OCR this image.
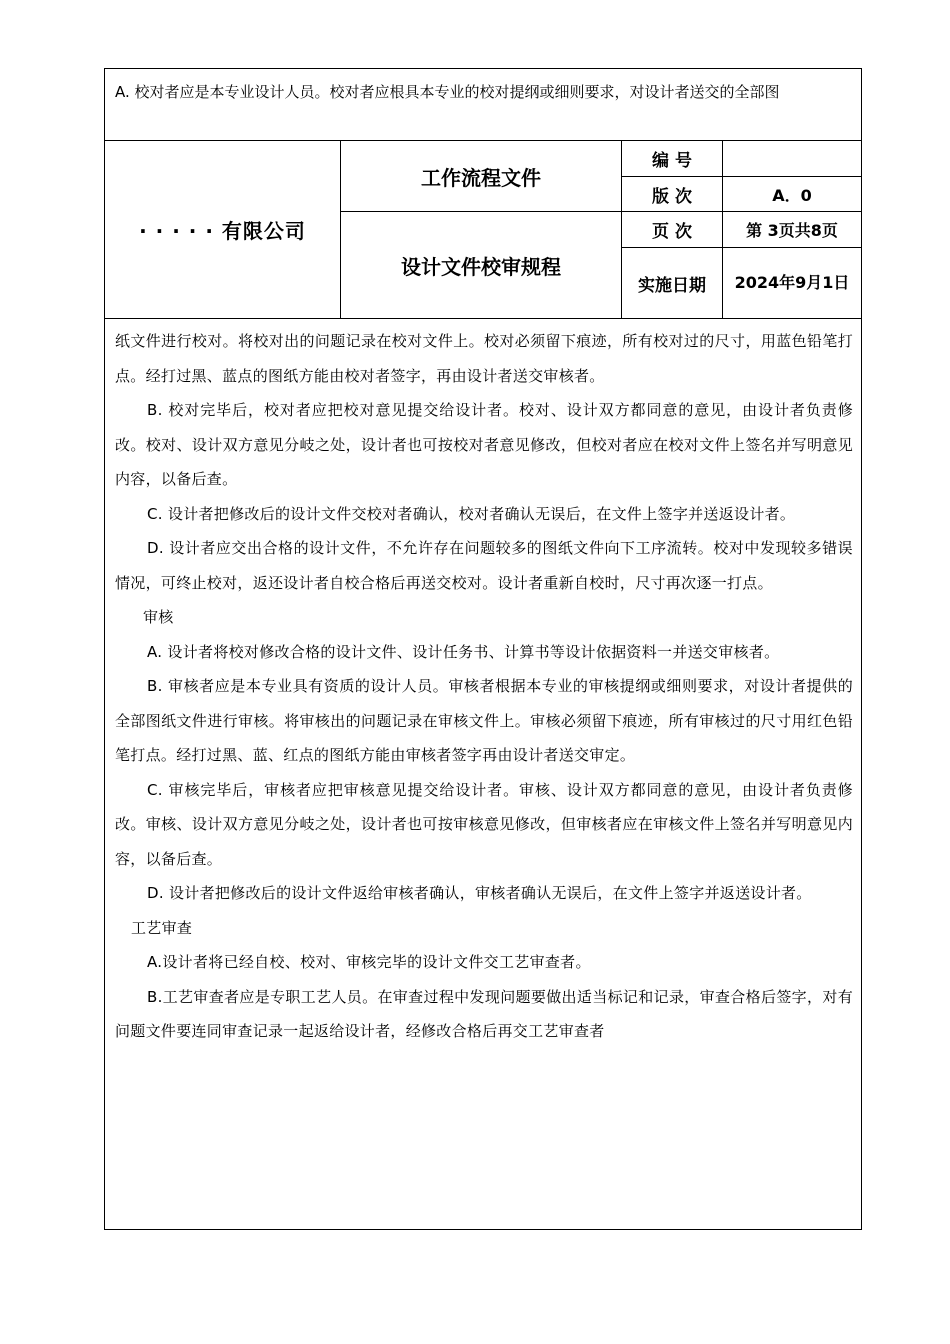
A. 校对者应是本专业设计人员。校对者应根具本专业的校对提纲或细则要求，对设计者送交的全部图
· · · · · 有限公司
工作流程文件
设计文件校审规程
编 号
版 次	A．0
页 次	第 3页共8页
实施日期	2024年9月1日

纸文件进行校对。将校对出的问题记录在校对文件上。校对必须留下痕迹，所有校对过的尺寸，用蓝色铅笔打点。经打过黑、蓝点的图纸方能由校对者签字，再由设计者送交审核者。

B. 校对完毕后，校对者应把校对意见提交给设计者。校对、设计双方都同意的意见，由设计者负责修改。校对、设计双方意见分岐之处，设计者也可按校对者意见修改，但校对者应在校对文件上签名并写明意见内容，以备后查。

C. 设计者把修改后的设计文件交校对者确认，校对者确认无误后，在文件上签字并送返设计者。

D. 设计者应交出合格的设计文件，不允许存在问题较多的图纸文件向下工序流转。校对中发现较多错误情况，可终止校对，返还设计者自校合格后再送交校对。设计者重新自校时，尺寸再次逐一打点。

审核

A. 设计者将校对修改合格的设计文件、设计任务书、计算书等设计依据资料一并送交审核者。

B. 审核者应是本专业具有资质的设计人员。审核者根据本专业的审核提纲或细则要求，对设计者提供的全部图纸文件进行审核。将审核出的问题记录在审核文件上。审核必须留下痕迹，所有审核过的尺寸用红色铅笔打点。经打过黑、蓝、红点的图纸方能由审核者签字再由设计者送交审定。

C. 审核完毕后，审核者应把审核意见提交给设计者。审核、设计双方都同意的意见，由设计者负责修改。审核、设计双方意见分岐之处，设计者也可按审核意见修改，但审核者应在审核文件上签名并写明意见内容，以备后查。

D. 设计者把修改后的设计文件返给审核者确认，审核者确认无误后，在文件上签字并返送设计者。

工艺审查

A.设计者将已经自校、校对、审核完毕的设计文件交工艺审查者。

B.工艺审查者应是专职工艺人员。在审查过程中发现问题要做出适当标记和记录，审查合格后签字，对有问题文件要连同审查记录一起返给设计者，经修改合格后再交工艺审查者
